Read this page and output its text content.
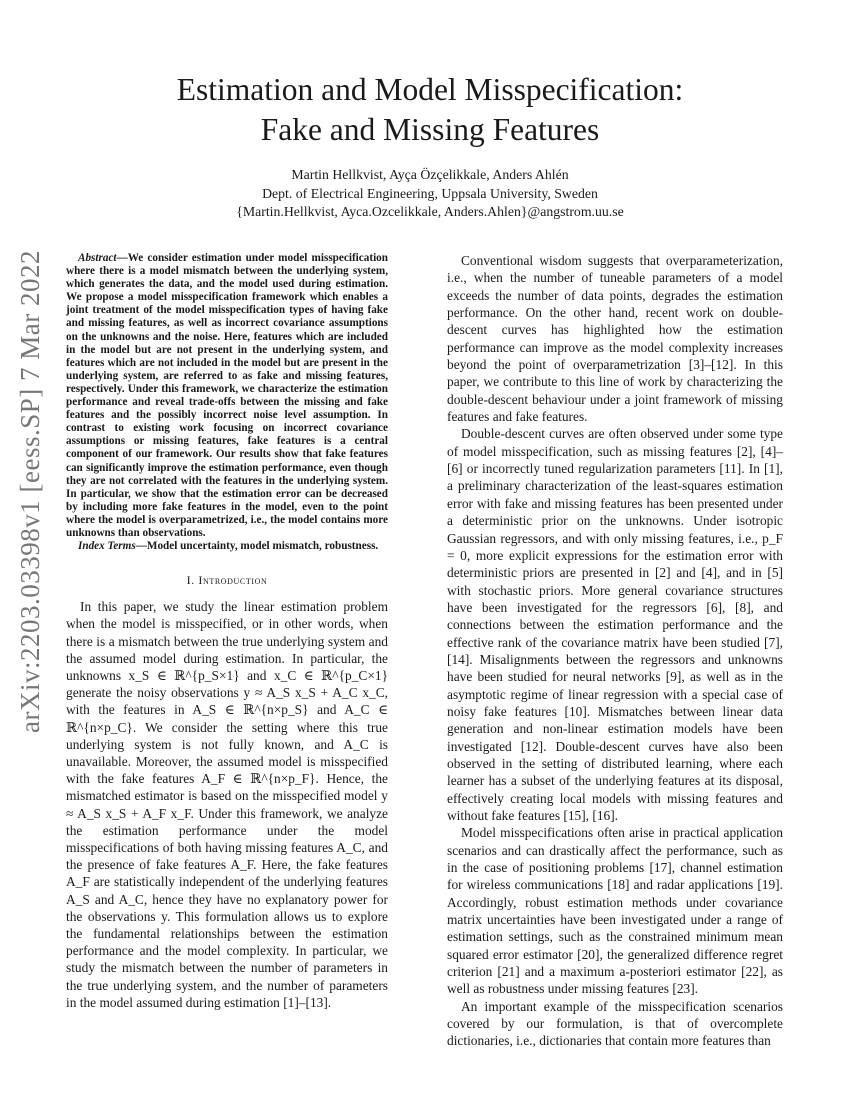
arXiv:2203.03398v1 [eess.SP] 7 Mar 2022
Estimation and Model Misspecification:
Fake and Missing Features
Martin Hellkvist, Ayça Özçelikkale, Anders Ahlén
Dept. of Electrical Engineering, Uppsala University, Sweden
{Martin.Hellkvist, Ayca.Ozcelikkale, Anders.Ahlen}@angstrom.uu.se

Abstract—We consider estimation under model misspecification where there is a model mismatch between the underlying system, which generates the data, and the model used during estimation. We propose a model misspecification framework which enables a joint treatment of the model misspecification types of having fake and missing features, as well as incorrect covariance assumptions on the unknowns and the noise. Here, features which are included in the model but are not present in the underlying system, and features which are not included in the model but are present in the underlying system, are referred to as fake and missing features, respectively. Under this framework, we characterize the estimation performance and reveal trade-offs between the missing and fake features and the possibly incorrect noise level assumption. In contrast to existing work focusing on incorrect covariance assumptions or missing features, fake features is a central component of our framework. Our results show that fake features can significantly improve the estimation performance, even though they are not correlated with the features in the underlying system. In particular, we show that the estimation error can be decreased by including more fake features in the model, even to the point where the model is overparametrized, i.e., the model contains more unknowns than observations.

Index Terms—Model uncertainty, model mismatch, robustness.

I. Introduction

In this paper, we study the linear estimation problem when the model is misspecified, or in other words, when there is a mismatch between the true underlying system and the assumed model during estimation. In particular, the unknowns x_S ∈ ℝ^{p_S×1} and x_C ∈ ℝ^{p_C×1} generate the noisy observations y ≈ A_S x_S + A_C x_C, with the features in A_S ∈ ℝ^{n×p_S} and A_C ∈ ℝ^{n×p_C}. We consider the setting where this true underlying system is not fully known, and A_C is unavailable. Moreover, the assumed model is misspecified with the fake features A_F ∈ ℝ^{n×p_F}. Hence, the mismatched estimator is based on the misspecified model y ≈ A_S x_S + A_F x_F. Under this framework, we analyze the estimation performance under the model misspecifications of both having missing features A_C, and the presence of fake features A_F. Here, the fake features A_F are statistically independent of the underlying features A_S and A_C, hence they have no explanatory power for the observations y. This formulation allows us to explore the fundamental relationships between the estimation performance and the model complexity. In particular, we study the mismatch between the number of parameters in the true underlying system, and the number of parameters in the model assumed during estimation [1]–[13].

Conventional wisdom suggests that overparameterization, i.e., when the number of tuneable parameters of a model exceeds the number of data points, degrades the estimation performance. On the other hand, recent work on double-descent curves has highlighted how the estimation performance can improve as the model complexity increases beyond the point of overparametrization [3]–[12]. In this paper, we contribute to this line of work by characterizing the double-descent behaviour under a joint framework of missing features and fake features.

Double-descent curves are often observed under some type of model misspecification, such as missing features [2], [4]–[6] or incorrectly tuned regularization parameters [11]. In [1], a preliminary characterization of the least-squares estimation error with fake and missing features has been presented under a deterministic prior on the unknowns. Under isotropic Gaussian regressors, and with only missing features, i.e., p_F = 0, more explicit expressions for the estimation error with deterministic priors are presented in [2] and [4], and in [5] with stochastic priors. More general covariance structures have been investigated for the regressors [6], [8], and connections between the estimation performance and the effective rank of the covariance matrix have been studied [7], [14]. Misalignments between the regressors and unknowns have been studied for neural networks [9], as well as in the asymptotic regime of linear regression with a special case of noisy fake features [10]. Mismatches between linear data generation and non-linear estimation models have been investigated [12]. Double-descent curves have also been observed in the setting of distributed learning, where each learner has a subset of the underlying features at its disposal, effectively creating local models with missing features and without fake features [15], [16].

Model misspecifications often arise in practical application scenarios and can drastically affect the performance, such as in the case of positioning problems [17], channel estimation for wireless communications [18] and radar applications [19]. Accordingly, robust estimation methods under covariance matrix uncertainties have been investigated under a range of estimation settings, such as the constrained minimum mean squared error estimator [20], the generalized difference regret criterion [21] and a maximum a-posteriori estimator [22], as well as robustness under missing features [23].

An important example of the misspecification scenarios covered by our formulation, is that of overcomplete dictionaries, i.e., dictionaries that contain more features than
